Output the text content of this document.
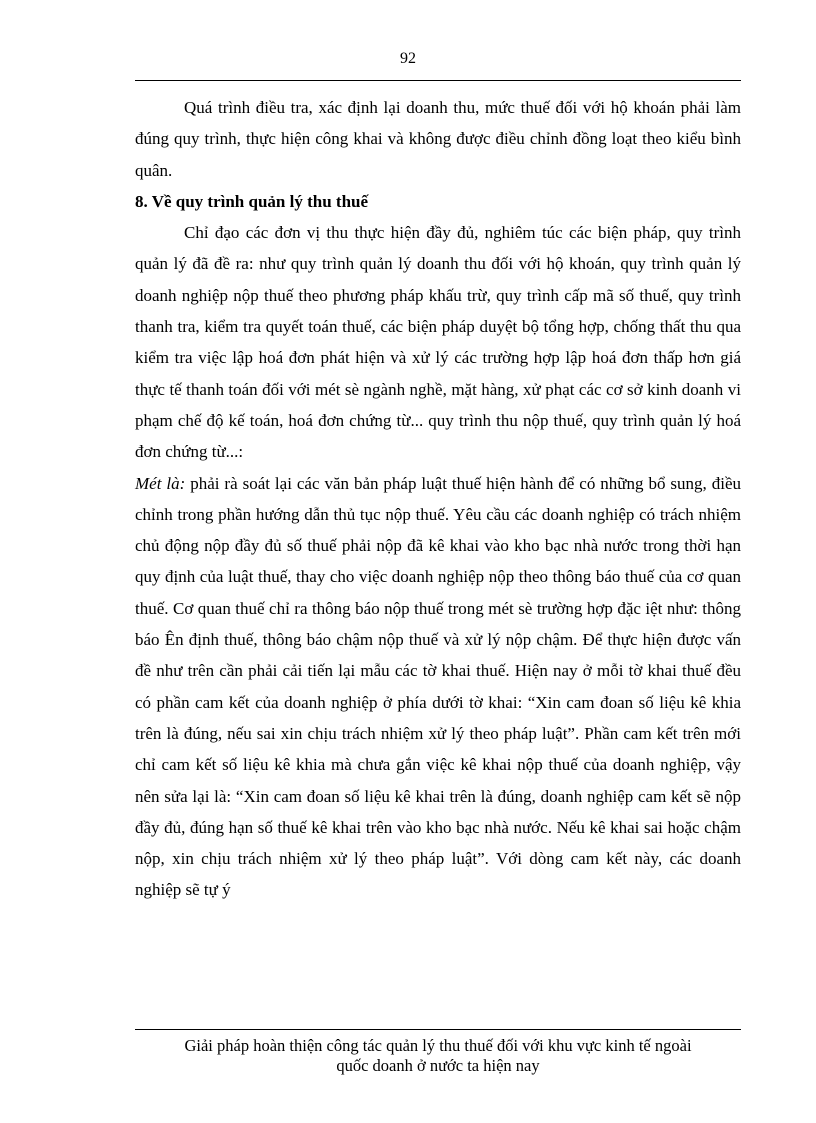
92

Quá trình điều tra, xác định lại doanh thu, mức thuế đối với hộ khoán phải làm đúng quy trình, thực hiện công khai và không được điều chỉnh đồng loạt theo kiểu bình quân.

8. Về quy trình quản lý thu thuế

Chỉ đạo các đơn vị thu thực hiện đầy đủ, nghiêm túc các biện pháp, quy trình quản lý đã đề ra: như quy trình quản lý doanh thu đối với hộ khoán, quy trình quản lý doanh nghiệp nộp thuế theo phương pháp khấu trừ, quy trình cấp mã số thuế, quy trình thanh tra, kiểm tra quyết toán thuế, các biện pháp duyệt bộ tổng hợp, chống thất thu qua kiểm tra việc lập hoá đơn phát hiện và xử lý các trường hợp lập hoá đơn thấp hơn giá thực tế thanh toán đối với mét sè ngành nghề, mặt hàng, xử phạt các cơ sở kinh doanh vi phạm chế độ kế toán, hoá đơn chứng từ... quy trình thu nộp thuế, quy trình quản lý hoá đơn chứng từ...:

Mét là: phải rà soát lại các văn bản pháp luật thuế hiện hành để có những bổ sung, điều chỉnh trong phần hướng dẫn thủ tục nộp thuế. Yêu cầu các doanh nghiệp có trách nhiệm chủ động nộp đầy đủ số thuế phải nộp đã kê khai vào kho bạc nhà nước trong thời hạn quy định của luật thuế, thay cho việc doanh nghiệp nộp theo thông báo thuế của cơ quan thuế. Cơ quan thuế chỉ ra thông báo nộp thuế trong mét sè trường hợp đặc iệt như: thông báo Ên định thuế, thông báo chậm nộp thuế và xử lý nộp chậm. Để thực hiện được vấn đề như trên cần phải cải tiến lại mẫu các tờ khai thuế. Hiện nay ở mỗi tờ khai thuế đều có phần cam kết của doanh nghiệp ở phía dưới tờ khai: “Xin cam đoan số liệu kê khia trên là đúng, nếu sai xin chịu trách nhiệm xử lý theo pháp luật”. Phần cam kết trên mới chỉ cam kết số liệu kê khia mà chưa gắn việc kê khai nộp thuế của doanh nghiệp, vậy nên sửa lại là: “Xin cam đoan số liệu kê khai trên là đúng, doanh nghiệp cam kết sẽ nộp đầy đủ, đúng hạn số thuế kê khai trên vào kho bạc nhà nước. Nếu kê khai sai hoặc chậm nộp, xin chịu trách nhiệm xử lý theo pháp luật”. Với dòng cam kết này, các doanh nghiệp sẽ tự ý

Giải pháp hoàn thiện công tác quản lý thu thuế đối với khu vực kinh tế ngoài
quốc doanh ở nước ta hiện nay
